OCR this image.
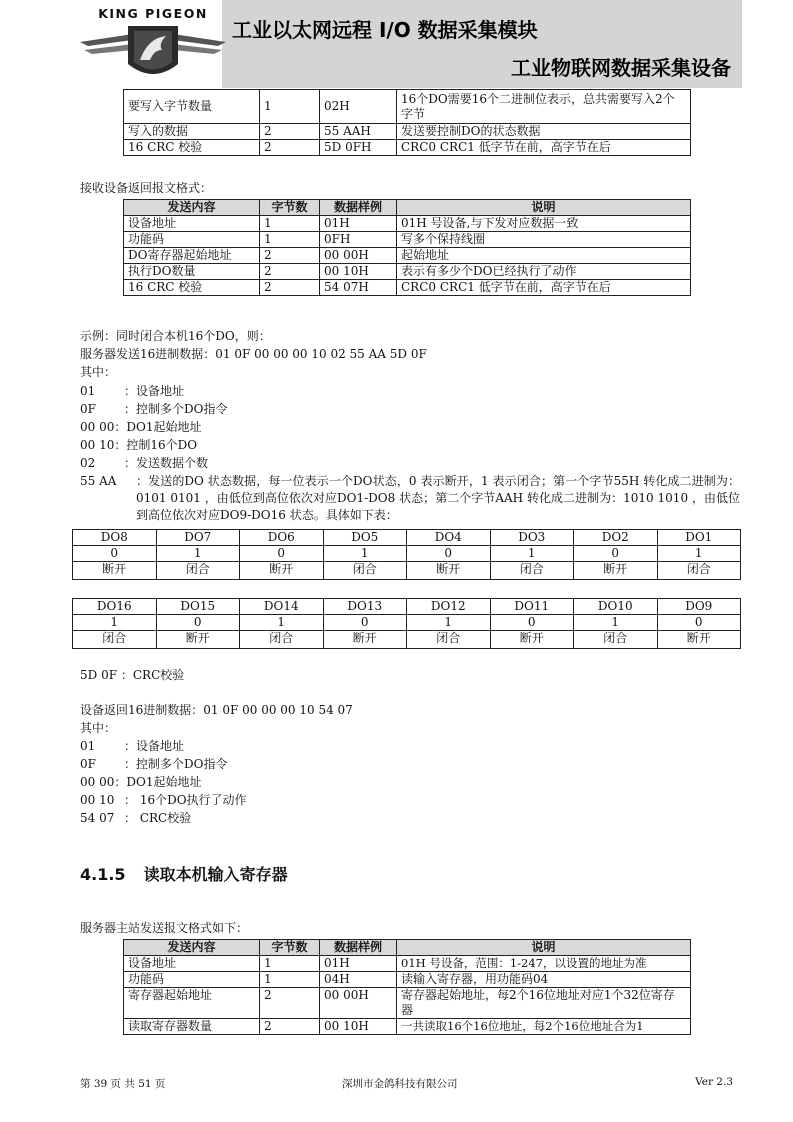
KING PIGEON
工业以太网远程 I/O 数据采集模块
工业物联网数据采集设备
要写入字节数量	1	02H	16个DO需要16个二进制位表示，总共需要写入2个字节
写入的数据	2	55 AAH	发送要控制DO的状态数据
16 CRC 校验	2	5D 0FH	CRC0 CRC1 低字节在前，高字节在后
接收设备返回报文格式：
发送内容	字节数	数据样例	说明
设备地址	1	01H	01H 号设备,与下发对应数据一致
功能码	1	0FH	写多个保持线圈
DO寄存器起始地址	2	00 00H	起始地址
执行DO数量	2	00 10H	表示有多少个DO已经执行了动作
16 CRC 校验	2	54 07H	CRC0 CRC1 低字节在前，高字节在后
示例：同时闭合本机16个DO，则：
服务器发送16进制数据：01 0F 00 00 00 10 02 55 AA 5D 0F
其中：
01 ：设备地址
0F ：控制多个DO指令
00 00：DO1起始地址
00 10：控制16个DO
02 ：发送数据个数
55 AA ：发送的DO 状态数据，每一位表示一个DO状态，0 表示断开，1 表示闭合；第一个字节55H 转化成二进制为：0101 0101 ，由低位到高位依次对应DO1-DO8 状态；第二个字节AAH 转化成二进制为：1010 1010 ，由低位到高位依次对应DO9-DO16 状态。具体如下表：
DO8	DO7	DO6	DO5	DO4	DO3	DO2	DO1
0	1	0	1	0	1	0	1
断开	闭合	断开	闭合	断开	闭合	断开	闭合
DO16	DO15	DO14	DO13	DO12	DO11	DO10	DO9
1	0	1	0	1	0	1	0
闭合	断开	闭合	断开	闭合	断开	闭合	断开
5D 0F ：CRC校验
设备返回16进制数据：01 0F 00 00 00 10 54 07
其中：
01 ：设备地址
0F ：控制多个DO指令
00 00：DO1起始地址
00 10 ： 16个DO执行了动作
54 07 ： CRC校验
4.1.5 读取本机输入寄存器
服务器主站发送报文格式如下：
发送内容	字节数	数据样例	说明
设备地址	1	01H	01H 号设备，范围：1-247，以设置的地址为准
功能码	1	04H	读输入寄存器，用功能码04
寄存器起始地址	2	00 00H	寄存器起始地址，每2个16位地址对应1个32位寄存器
读取寄存器数量	2	00 10H	一共读取16个16位地址，每2个16位地址合为1
第 39 页 共 51 页	深圳市金鸽科技有限公司	Ver 2.3
